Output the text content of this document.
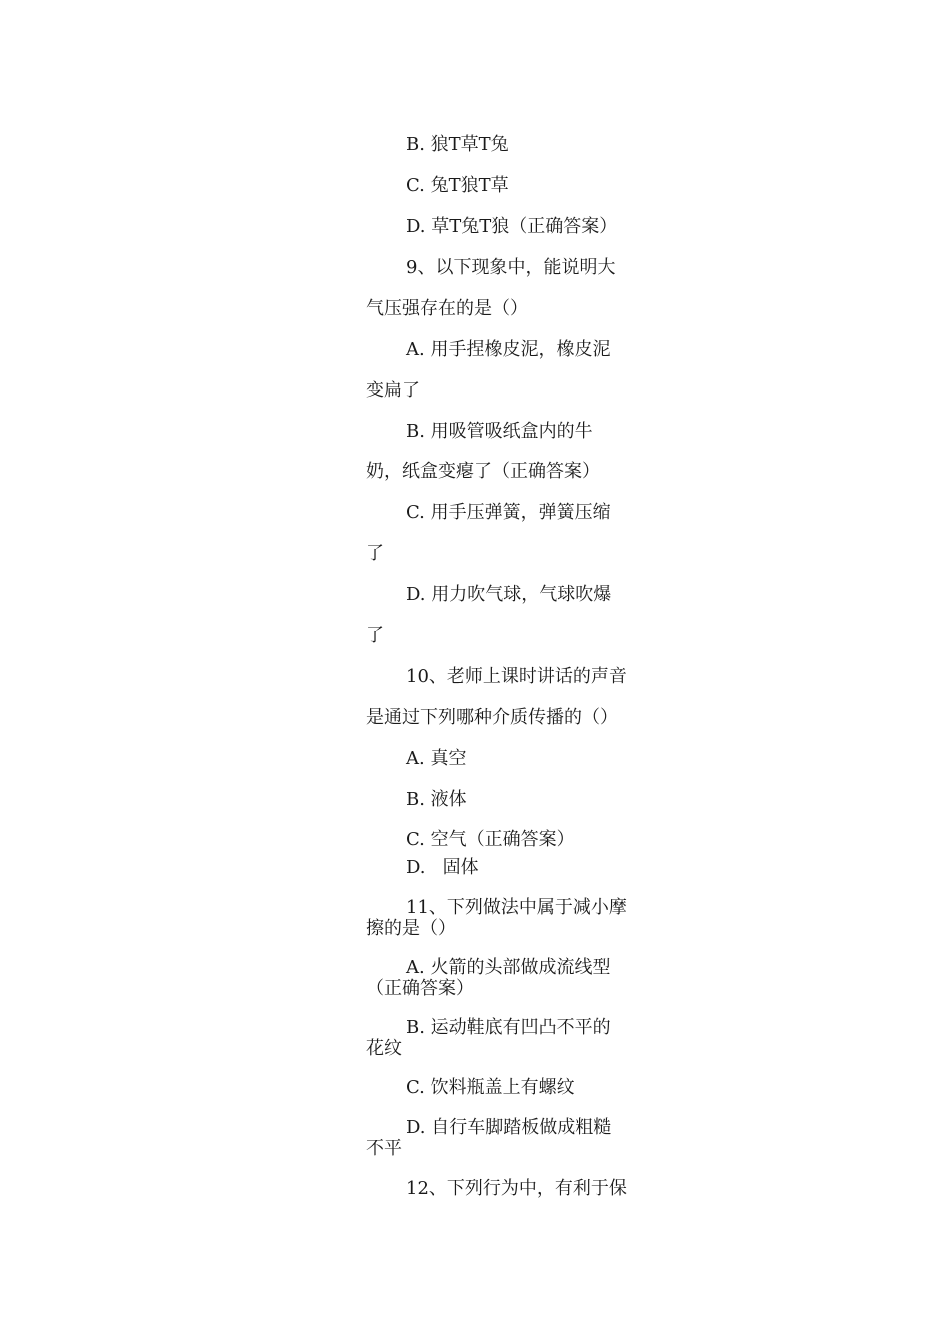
B. 狼T草T兔
C. 兔T狼T草
D. 草T兔T狼（正确答案）
9、以下现象中，能说明大
气压强存在的是（）
A. 用手捏橡皮泥，橡皮泥
变扁了
B. 用吸管吸纸盒内的牛
奶，纸盒变瘪了（正确答案）
C. 用手压弹簧，弹簧压缩
了
D. 用力吹气球，气球吹爆
了
10、老师上课时讲话的声音
是通过下列哪种介质传播的（）
A. 真空
B. 液体
C. 空气（正确答案）
D.   固体
11、下列做法中属于减小摩
擦的是（）
A. 火箭的头部做成流线型
（正确答案）
B. 运动鞋底有凹凸不平的
花纹
C. 饮料瓶盖上有螺纹
D. 自行车脚踏板做成粗糙
不平
12、下列行为中，有利于保
